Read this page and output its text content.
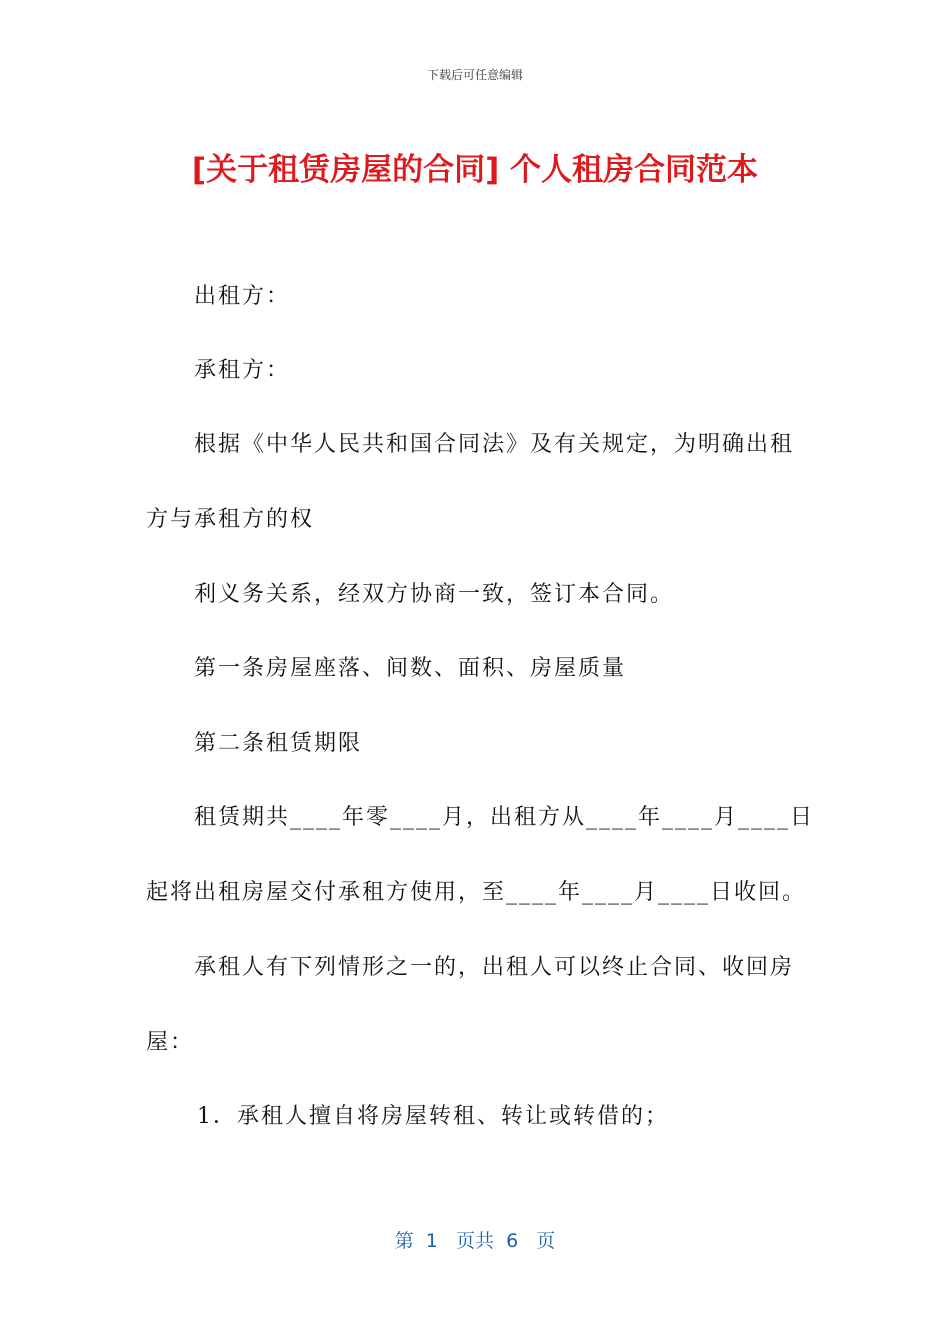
下载后可任意编辑
[关于租赁房屋的合同] 个人租房合同范本
出租方：
承租方：
根据《中华人民共和国合同法》及有关规定，为明确出租
方与承租方的权
利义务关系，经双方协商一致，签订本合同。
第一条房屋座落、间数、面积、房屋质量
第二条租赁期限
租赁期共____年零____月，出租方从____年____月____日
起将出租房屋交付承租方使用，至____年____月____日收回。
承租人有下列情形之一的，出租人可以终止合同、收回房
屋：
1．承租人擅自将房屋转租、转让或转借的；
第  1   页共  6   页
